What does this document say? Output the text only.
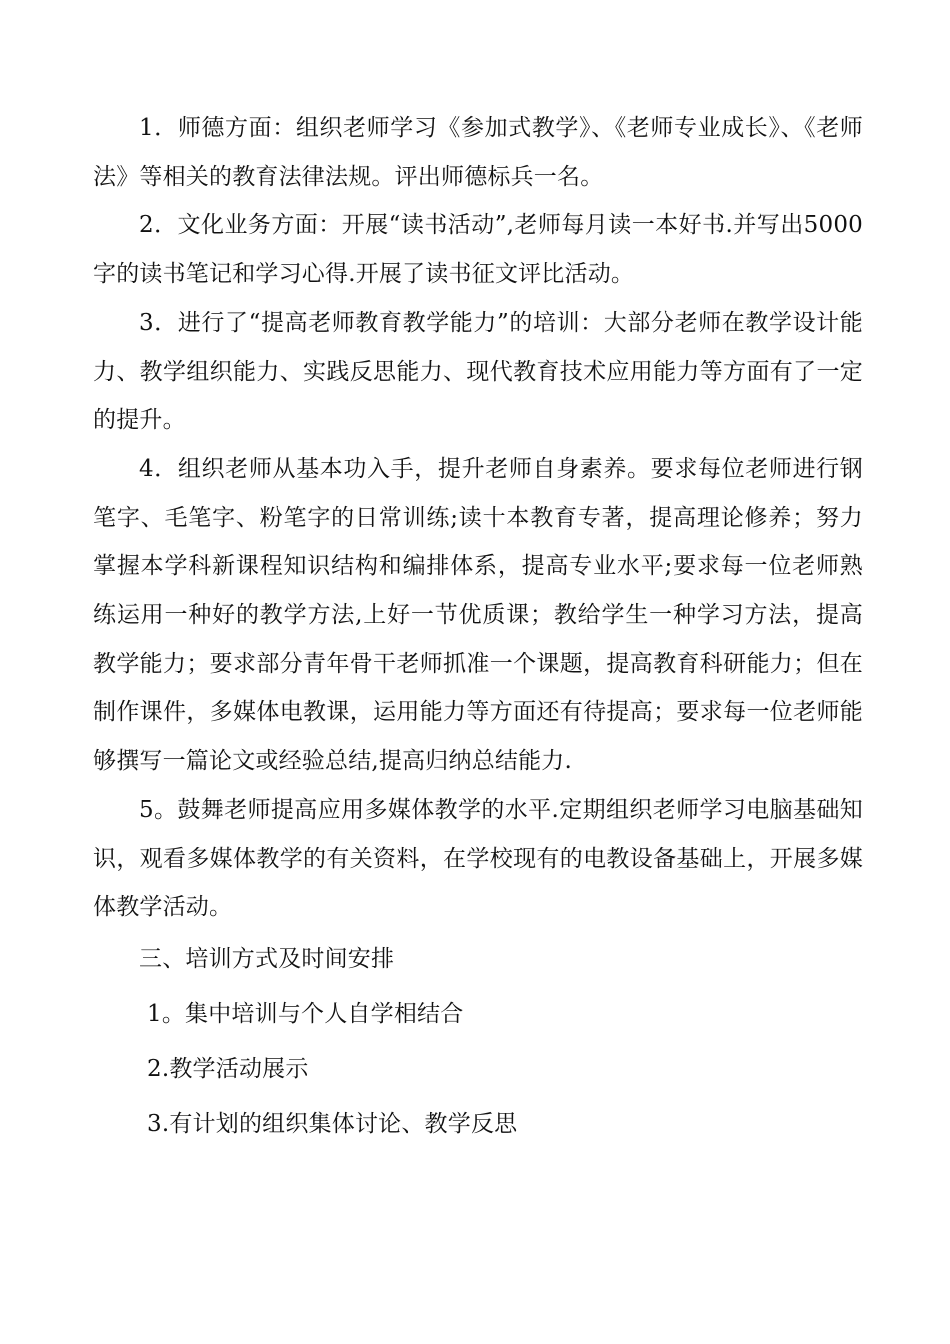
1．师德方面：组织老师学习《参加式教学》、《老师专业成长》、《老师法》等相关的教育法律法规。评出师德标兵一名。

2．文化业务方面：开展“读书活动”,老师每月读一本好书.并写出5000字的读书笔记和学习心得.开展了读书征文评比活动。

3．进行了“提高老师教育教学能力”的培训：大部分老师在教学设计能力、教学组织能力、实践反思能力、现代教育技术应用能力等方面有了一定的提升。

4．组织老师从基本功入手，提升老师自身素养。要求每位老师进行钢笔字、毛笔字、粉笔字的日常训练;读十本教育专著，提高理论修养；努力掌握本学科新课程知识结构和编排体系，提高专业水平;要求每一位老师熟练运用一种好的教学方法,上好一节优质课；教给学生一种学习方法，提高教学能力；要求部分青年骨干老师抓准一个课题，提高教育科研能力；但在制作课件，多媒体电教课，运用能力等方面还有待提高；要求每一位老师能够撰写一篇论文或经验总结,提高归纳总结能力.

5。鼓舞老师提高应用多媒体教学的水平.定期组织老师学习电脑基础知识，观看多媒体教学的有关资料，在学校现有的电教设备基础上，开展多媒体教学活动。

三、培训方式及时间安排

1。集中培训与个人自学相结合

2.教学活动展示

3.有计划的组织集体讨论、教学反思
